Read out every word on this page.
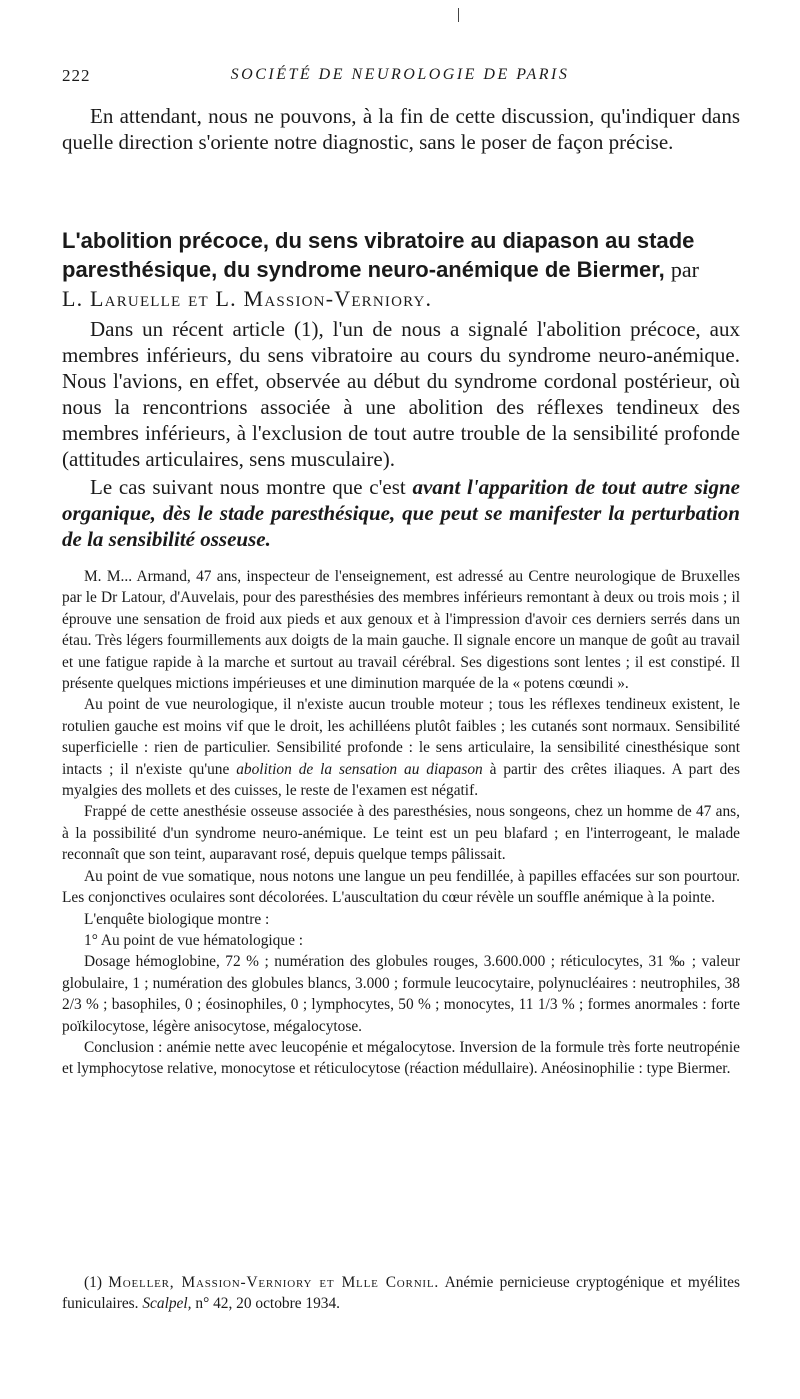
222	SOCIÉTÉ DE NEUROLOGIE DE PARIS

En attendant, nous ne pouvons, à la fin de cette discussion, qu'indiquer dans quelle direction s'oriente notre diagnostic, sans le poser de façon précise.

L'abolition précoce, du sens vibratoire au diapason au stade paresthésique, du syndrome neuro-anémique de Biermer, par
L. Laruelle et L. Massion-Verniory.

Dans un récent article (1), l'un de nous a signalé l'abolition précoce, aux membres inférieurs, du sens vibratoire au cours du syndrome neuro-anémique. Nous l'avions, en effet, observée au début du syndrome cordonal postérieur, où nous la rencontrions associée à une abolition des réflexes tendineux des membres inférieurs, à l'exclusion de tout autre trouble de la sensibilité profonde (attitudes articulaires, sens musculaire).

Le cas suivant nous montre que c'est avant l'apparition de tout autre signe organique, dès le stade paresthésique, que peut se manifester la perturbation de la sensibilité osseuse.

M. M... Armand, 47 ans, inspecteur de l'enseignement, est adressé au Centre neurologique de Bruxelles par le Dr Latour, d'Auvelais, pour des paresthésies des membres inférieurs remontant à deux ou trois mois ; il éprouve une sensation de froid aux pieds et aux genoux et à l'impression d'avoir ces derniers serrés dans un étau. Très légers fourmillements aux doigts de la main gauche. Il signale encore un manque de goût au travail et une fatigue rapide à la marche et surtout au travail cérébral. Ses digestions sont lentes ; il est constipé. Il présente quelques mictions impérieuses et une diminution marquée de la « potens cœundi ».

Au point de vue neurologique, il n'existe aucun trouble moteur ; tous les réflexes tendineux existent, le rotulien gauche est moins vif que le droit, les achilléens plutôt faibles ; les cutanés sont normaux. Sensibilité superficielle : rien de particulier. Sensibilité profonde : le sens articulaire, la sensibilité cinesthésique sont intacts ; il n'existe qu'une abolition de la sensation au diapason à partir des crêtes iliaques. A part des myalgies des mollets et des cuisses, le reste de l'examen est négatif.

Frappé de cette anesthésie osseuse associée à des paresthésies, nous songeons, chez un homme de 47 ans, à la possibilité d'un syndrome neuro-anémique. Le teint est un peu blafard ; en l'interrogeant, le malade reconnaît que son teint, auparavant rosé, depuis quelque temps pâlissait.

Au point de vue somatique, nous notons une langue un peu fendillée, à papilles effacées sur son pourtour. Les conjonctives oculaires sont décolorées. L'auscultation du cœur révèle un souffle anémique à la pointe.

L'enquête biologique montre :

1° Au point de vue hématologique :

Dosage hémoglobine, 72 % ; numération des globules rouges, 3.600.000 ; réticulocytes, 31 ‰ ; valeur globulaire, 1 ; numération des globules blancs, 3.000 ; formule leucocytaire, polynucléaires : neutrophiles, 38 2/3 % ; basophiles, 0 ; éosinophiles, 0 ; lymphocytes, 50 % ; monocytes, 11 1/3 % ; formes anormales : forte poïkilocytose, légère anisocytose, mégalocytose.

Conclusion : anémie nette avec leucopénie et mégalocytose. Inversion de la formule très forte neutropénie et lymphocytose relative, monocytose et réticulocytose (réaction médullaire). Anéosinophilie : type Biermer.

(1) Moeller, Massion-Verniory et Mlle Cornil. Anémie pernicieuse cryptogénique et myélites funiculaires. Scalpel, n° 42, 20 octobre 1934.
